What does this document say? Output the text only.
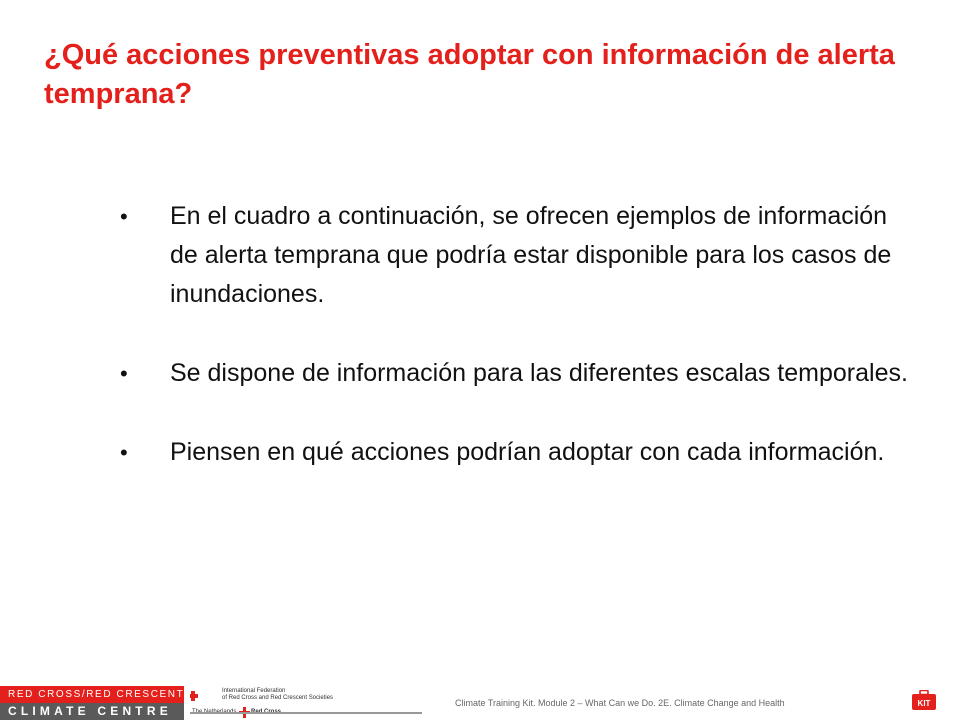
¿Qué acciones preventivas adoptar con información de alerta temprana?
• En el cuadro a continuación, se ofrecen ejemplos de información de alerta temprana que podría estar disponible para los casos de inundaciones.
• Se dispone de información para las diferentes escalas temporales.
• Piensen en qué acciones podrían adoptar con cada información.
RED CROSS/RED CRESCENT
CLIMATE CENTRE
International Federation
of Red Cross and Red Crescent Societies	Climate Training Kit. Module 2 – What Can we Do. 2E. Climate Change and Health	KIT
